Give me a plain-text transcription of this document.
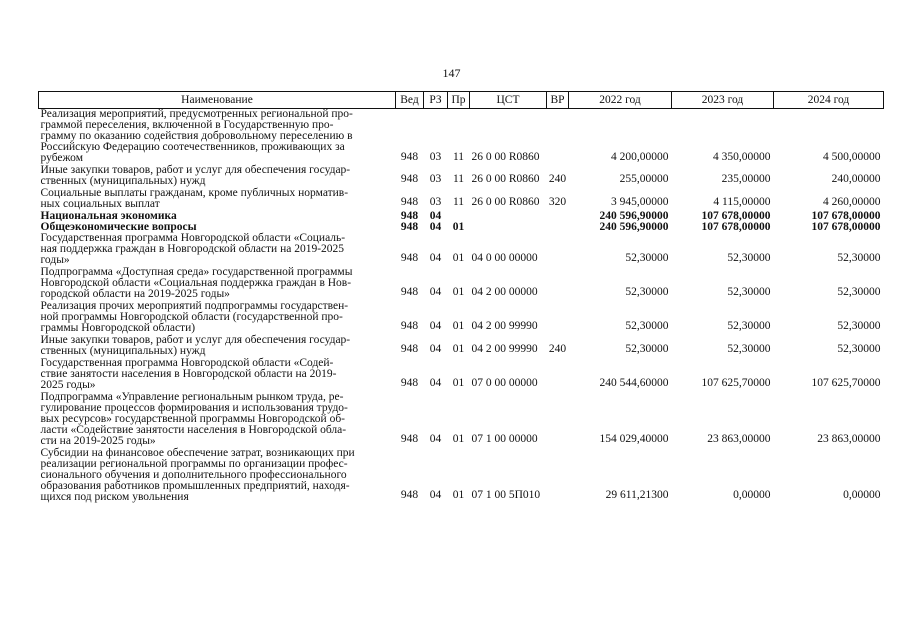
147
Наименование	Вед	РЗ	Пр	ЦСТ	ВР	2022 год	2023 год	2024 год

Реализация мероприятий, предусмотренных региональной про-
граммой переселения, включенной в Государственную про-
грамму по оказанию содействия добровольному переселению в
Российскую Федерацию соотечественников, проживающих за
рубежом	948	03	11	26 0 00 R0860		4 200,00000	4 350,00000	4 500,00000

Иные закупки товаров, работ и услуг для обеспечения государ-
ственных (муниципальных) нужд	948	03	11	26 0 00 R0860	240	255,00000	235,00000	240,00000

Социальные выплаты гражданам, кроме публичных норматив-
ных социальных выплат	948	03	11	26 0 00 R0860	320	3 945,00000	4 115,00000	4 260,00000

Национальная экономика	948	04				240 596,90000	107 678,00000	107 678,00000

Общеэкономические вопросы	948	04	01			240 596,90000	107 678,00000	107 678,00000

Государственная программа Новгородской области «Социаль-
ная поддержка граждан в Новгородской области на 2019-2025
годы»	948	04	01	04 0 00 00000		52,30000	52,30000	52,30000

Подпрограмма «Доступная среда» государственной программы
Новгородской области «Социальная поддержка граждан в Нов-
городской области на 2019-2025 годы»	948	04	01	04 2 00 00000		52,30000	52,30000	52,30000

Реализация прочих мероприятий подпрограммы государствен-
ной программы Новгородской области (государственной про-
граммы Новгородской области)	948	04	01	04 2 00 99990		52,30000	52,30000	52,30000

Иные закупки товаров, работ и услуг для обеспечения государ-
ственных (муниципальных) нужд	948	04	01	04 2 00 99990	240	52,30000	52,30000	52,30000

Государственная программа Новгородской области «Содей-
ствие занятости населения в Новгородской области на 2019-
2025 годы»	948	04	01	07 0 00 00000		240 544,60000	107 625,70000	107 625,70000

Подпрограмма «Управление региональным рынком труда, ре-
гулирование процессов формирования и использования трудо-
вых ресурсов» государственной программы Новгородской об-
ласти «Содействие занятости населения в Новгородской обла-
сти на 2019-2025 годы»	948	04	01	07 1 00 00000		154 029,40000	23 863,00000	23 863,00000

Субсидии на финансовое обеспечение затрат, возникающих при
реализации региональной программы по организации профес-
сионального обучения и дополнительного профессионального
образования работников промышленных предприятий, находя-
щихся под риском увольнения	948	04	01	07 1 00 5П010		29 611,21300	0,00000	0,00000
